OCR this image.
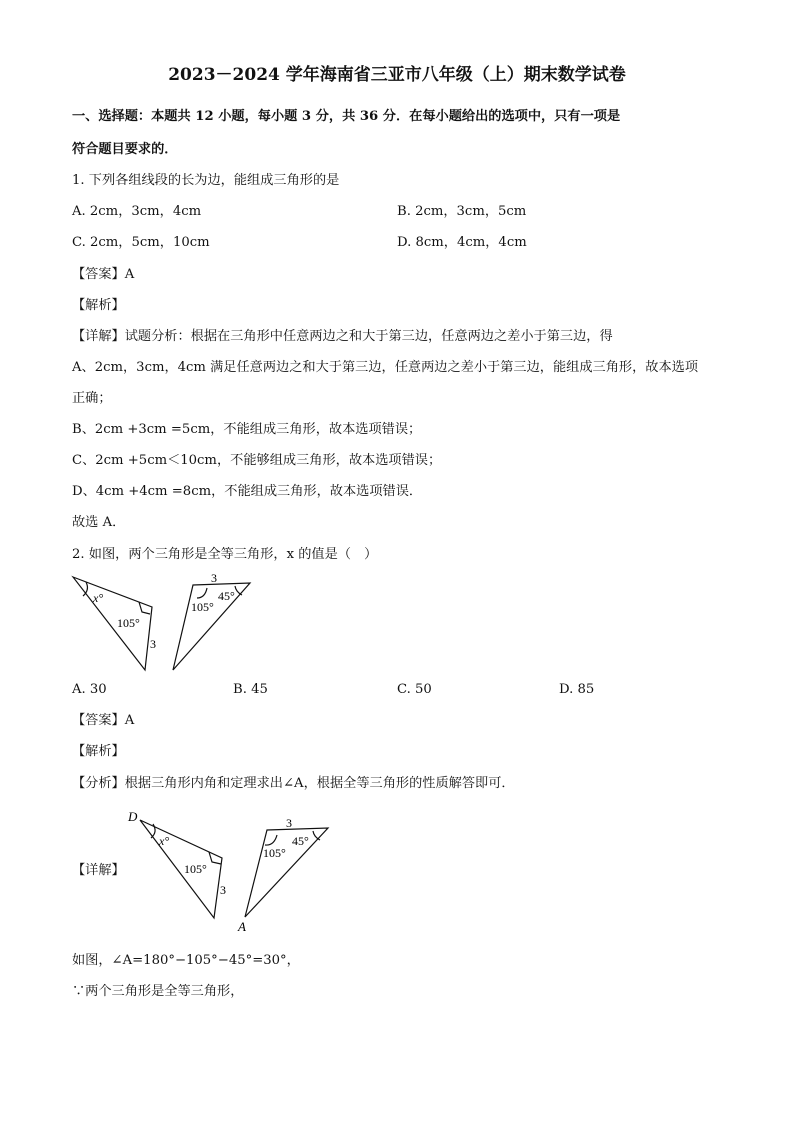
2023－2024 学年海南省三亚市八年级（上）期末数学试卷
一、选择题：本题共 12 小题，每小题 3 分，共 36 分．在每小题给出的选项中，只有一项是
符合题目要求的．
1. 下列各组线段的长为边，能组成三角形的是
A. 2cm，3cm，4cm	B. 2cm，3cm，5cm
C. 2cm，5cm，10cm	D. 8cm，4cm，4cm
【答案】A
【解析】
【详解】试题分析：根据在三角形中任意两边之和大于第三边，任意两边之差小于第三边，得
A、2cm，3cm，4cm 满足任意两边之和大于第三边，任意两边之差小于第三边，能组成三角形，故本选项
正确；
B、2cm +3cm =5cm，不能组成三角形，故本选项错误；
C、2cm +5cm＜10cm，不能够组成三角形，故本选项错误；
D、4cm +4cm =8cm，不能组成三角形，故本选项错误．
故选 A．
2. 如图，两个三角形是全等三角形，x 的值是（　）
x°
105°
3
3
105°
45°
A. 30	B. 45	C. 50	D. 85
【答案】A
【解析】
【分析】根据三角形内角和定理求出∠A，根据全等三角形的性质解答即可．
【详解】
D
x°
105°
3
3
105°
45°
A
如图，∠A=180°−105°−45°=30°，
∵两个三角形是全等三角形，
